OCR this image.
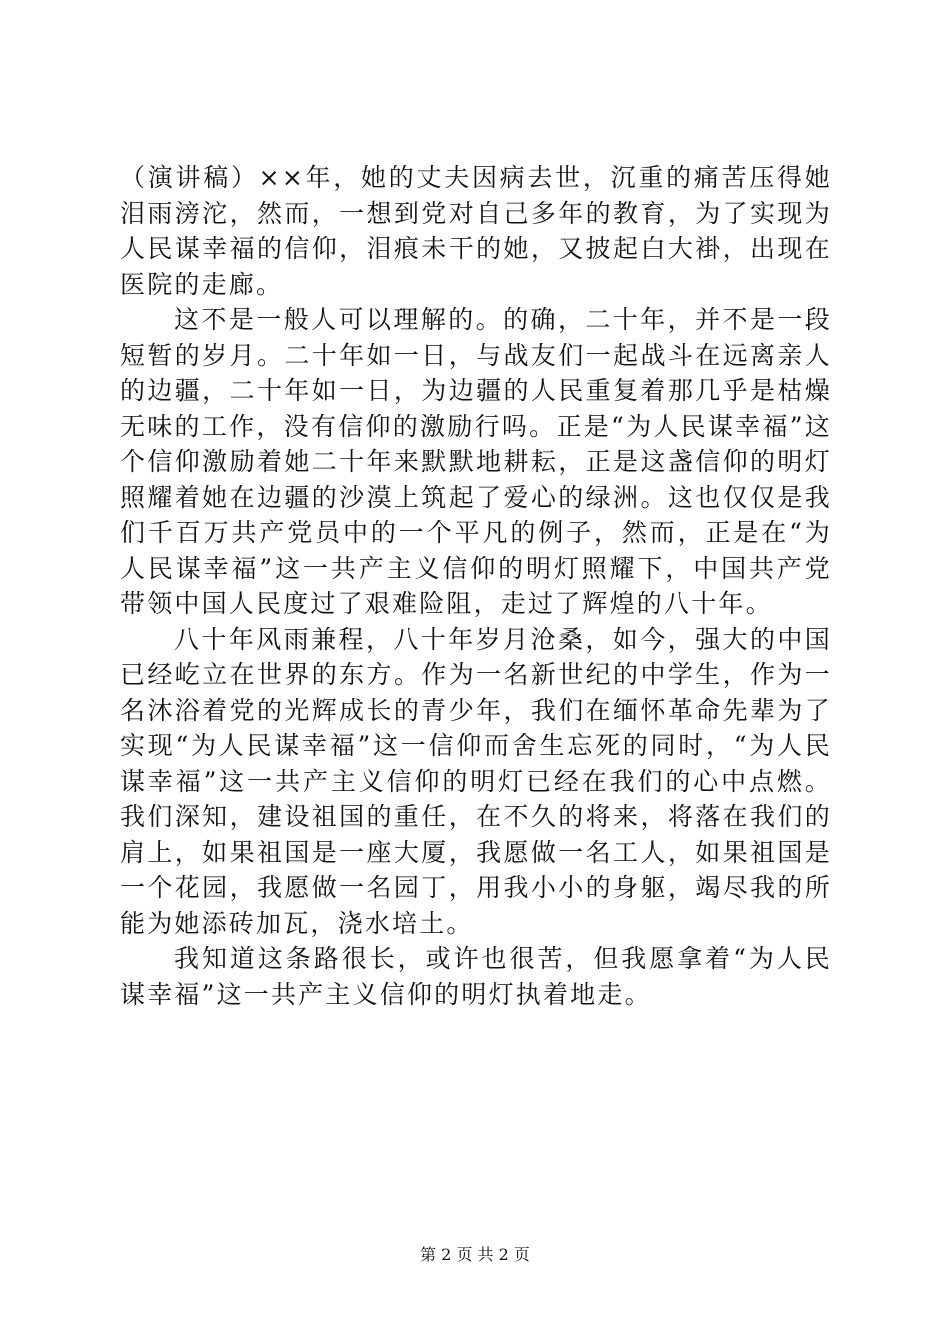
（演讲稿）××年，她的丈夫因病去世，沉重的痛苦压得她泪雨滂沱，然而，一想到党对自己多年的教育，为了实现为人民谋幸福的信仰，泪痕未干的她，又披起白大褂，出现在医院的走廊。

这不是一般人可以理解的。的确，二十年，并不是一段短暂的岁月。二十年如一日，与战友们一起战斗在远离亲人的边疆，二十年如一日，为边疆的人民重复着那几乎是枯燥无味的工作，没有信仰的激励行吗。正是“为人民谋幸福”这个信仰激励着她二十年来默默地耕耘，正是这盏信仰的明灯照耀着她在边疆的沙漠上筑起了爱心的绿洲。这也仅仅是我们千百万共产党员中的一个平凡的例子，然而，正是在“为人民谋幸福”这一共产主义信仰的明灯照耀下，中国共产党带领中国人民度过了艰难险阻，走过了辉煌的八十年。

八十年风雨兼程，八十年岁月沧桑，如今，强大的中国已经屹立在世界的东方。作为一名新世纪的中学生，作为一名沐浴着党的光辉成长的青少年，我们在缅怀革命先辈为了实现“为人民谋幸福”这一信仰而舍生忘死的同时，“为人民谋幸福”这一共产主义信仰的明灯已经在我们的心中点燃。我们深知，建设祖国的重任，在不久的将来，将落在我们的肩上，如果祖国是一座大厦，我愿做一名工人，如果祖国是一个花园，我愿做一名园丁，用我小小的身躯，竭尽我的所能为她添砖加瓦，浇水培土。

我知道这条路很长，或许也很苦，但我愿拿着“为人民谋幸福”这一共产主义信仰的明灯执着地走。

第 2 页 共 2 页
